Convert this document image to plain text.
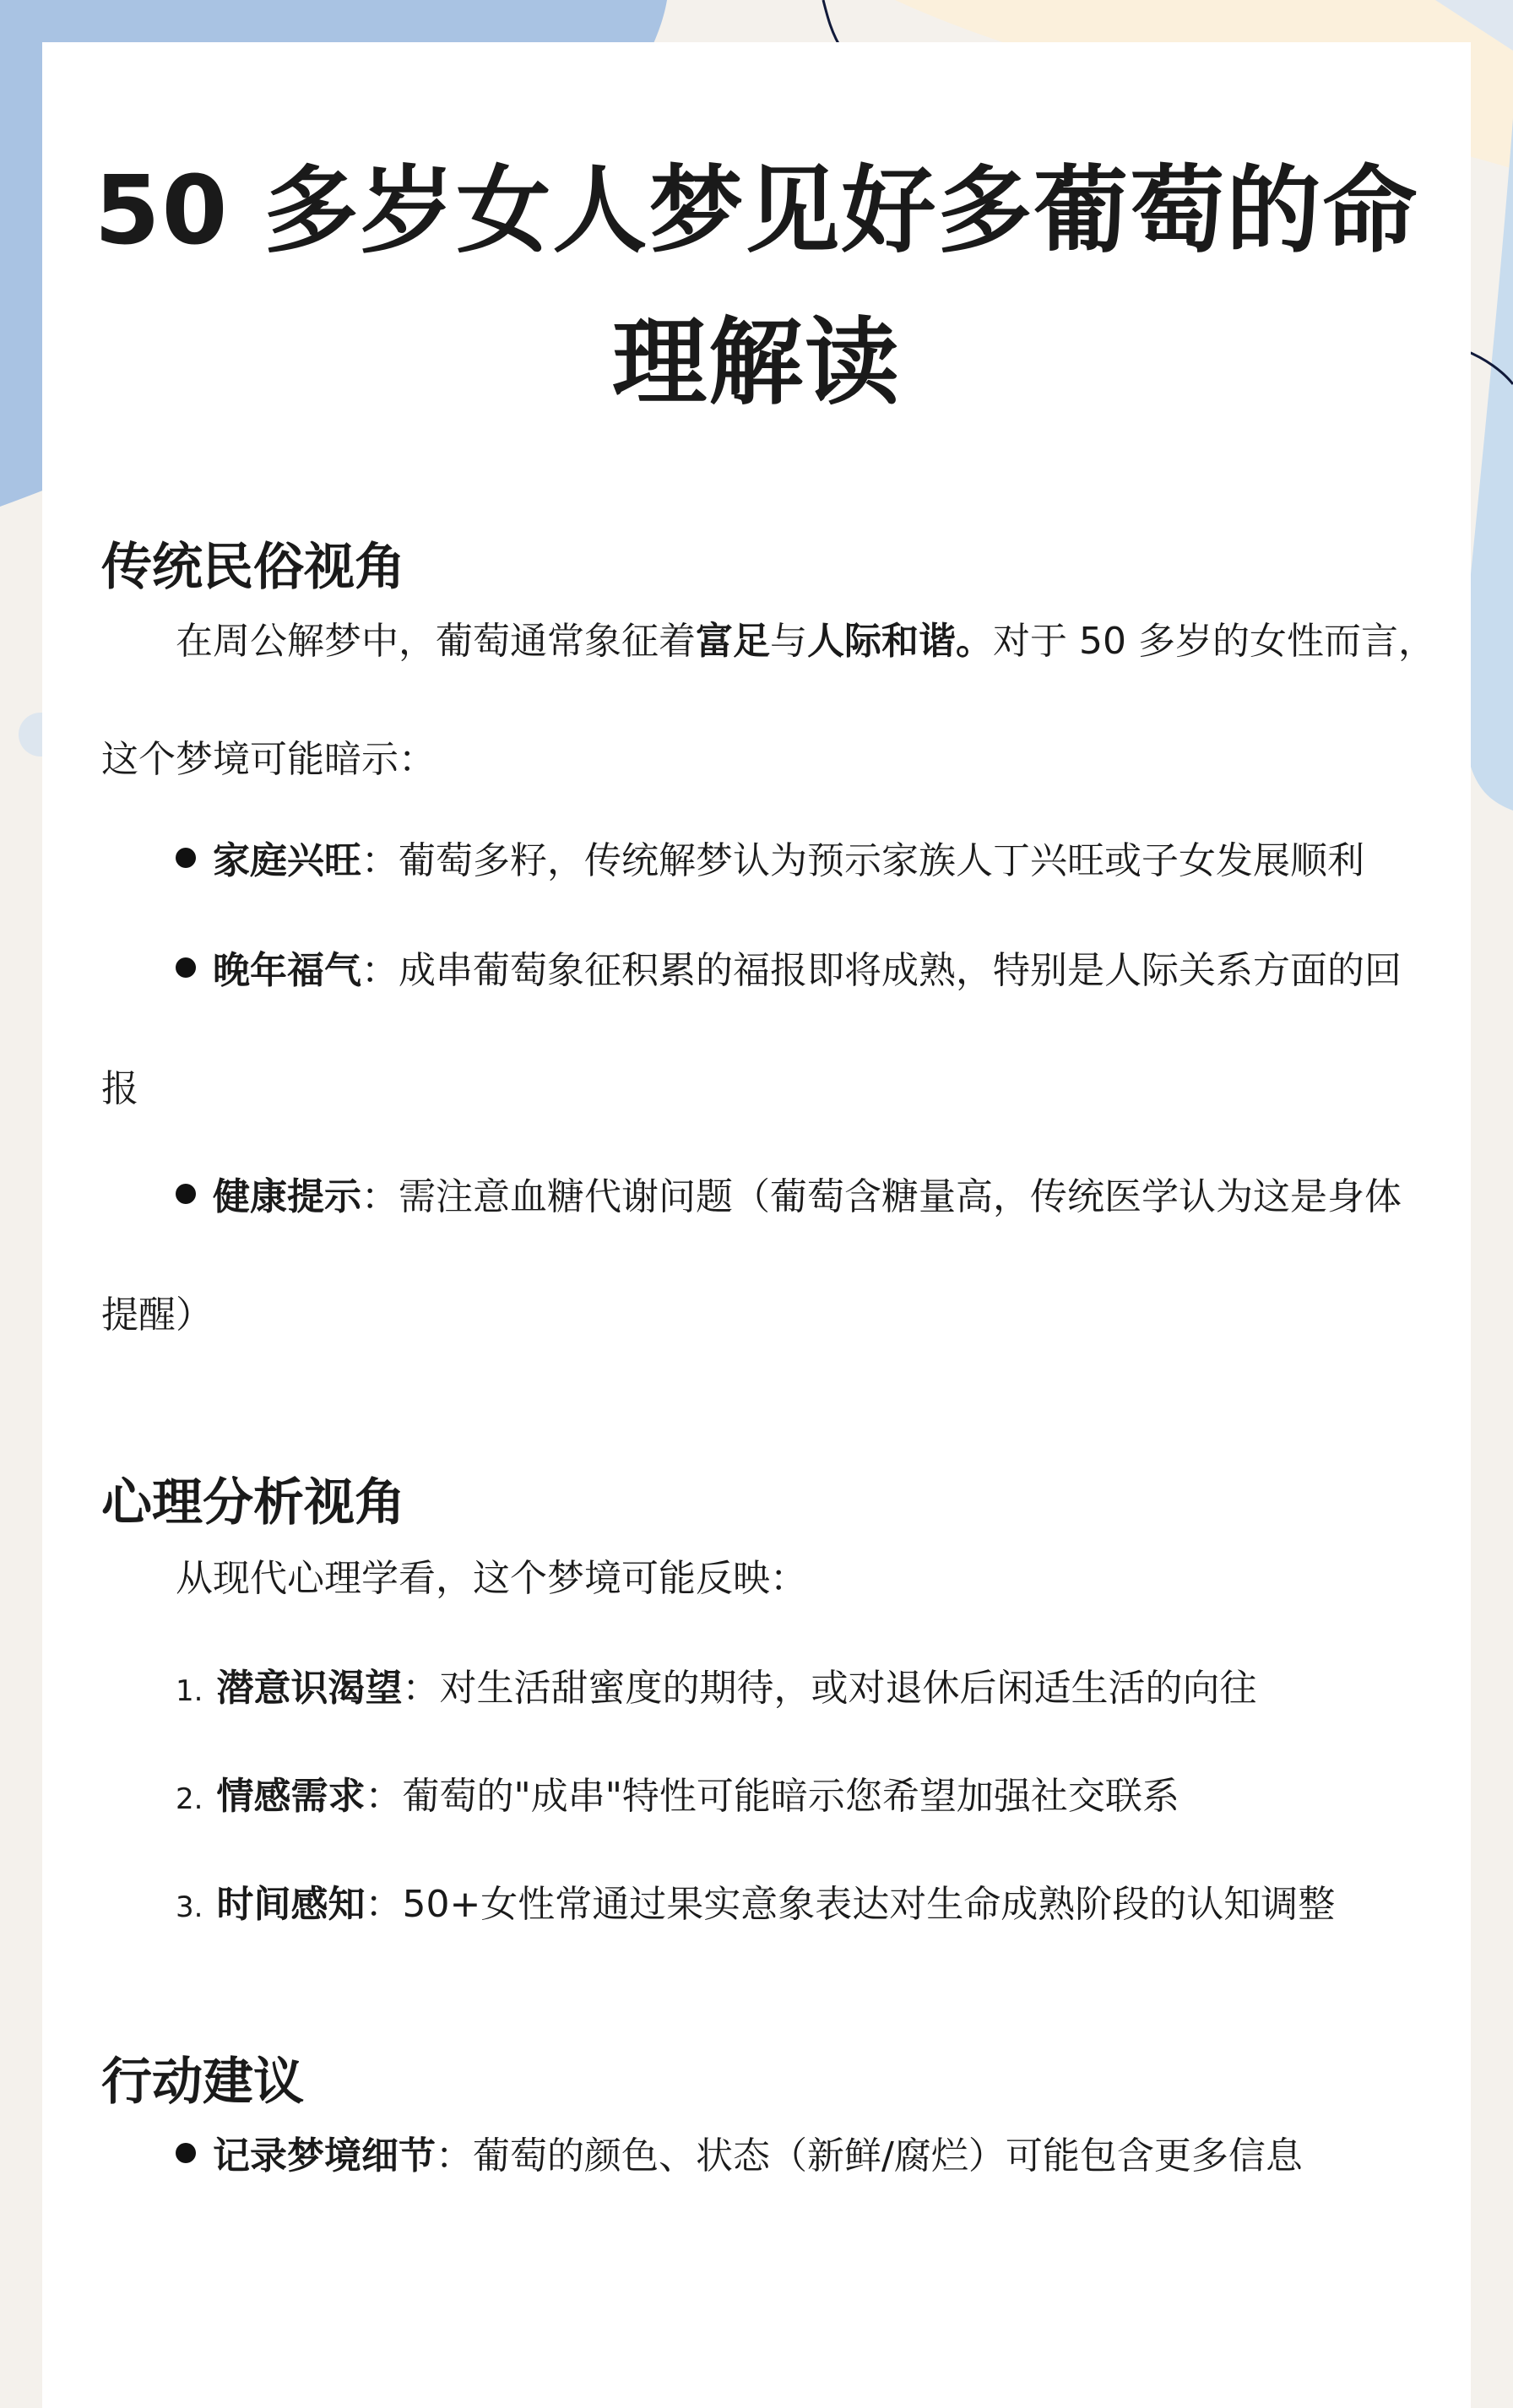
50 多岁女人梦见好多葡萄的命理解读
传统民俗视角
在周公解梦中，葡萄通常象征着富足与人际和谐。对于 50 多岁的女性而言，这个梦境可能暗示：
家庭兴旺：葡萄多籽，传统解梦认为预示家族人丁兴旺或子女发展顺利
晚年福气：成串葡萄象征积累的福报即将成熟，特别是人际关系方面的回报
健康提示：需注意血糖代谢问题（葡萄含糖量高，传统医学认为这是身体提醒）
心理分析视角
从现代心理学看，这个梦境可能反映：
1. 潜意识渴望：对生活甜蜜度的期待，或对退休后闲适生活的向往
2. 情感需求：葡萄的"成串"特性可能暗示您希望加强社交联系
3. 时间感知：50+女性常通过果实意象表达对生命成熟阶段的认知调整
行动建议
记录梦境细节：葡萄的颜色、状态（新鲜/腐烂）可能包含更多信息
